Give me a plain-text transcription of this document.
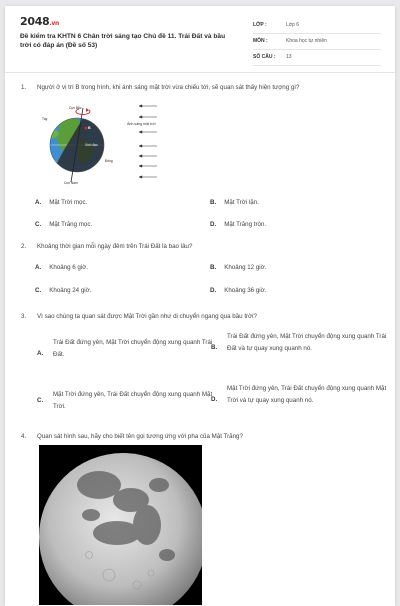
2048.vn
Đề kiểm tra KHTN 6 Chân trời sáng tạo Chủ đề 11. Trái Đất và bầu trời có đáp án (Đề số 53)
LỚP :	Lớp 6
MÔN :	Khoa học tự nhiên
SỐ CÂU : 13
1. Người ở vị trí B trong hình, khi ánh sáng mặt trời vừa chiếu tới, sẽ quan sát thấy hiện tượng gì?
Cực Bắc
Cực Nam
Tây
Đông
Xích đạo
B
Ánh sáng mặt trời
A. Mặt Trời mọc.	B. Mặt Trời lặn.
C. Mặt Trăng mọc.	D. Mặt Trăng tròn.
2. Khoảng thời gian mỗi ngày đêm trên Trái Đất là bao lâu?
A. Khoảng 6 giờ.	B. Khoảng 12 giờ.
C. Khoảng 24 giờ.	D. Khoảng 36 giờ.
3. Vì sao chúng ta quan sát được Mặt Trời gần như di chuyển ngang qua bầu trời?
A.
Trái Đất đứng yên, Mặt Trời chuyển động xung quanh Trái Đất.
B.
Trái Đất đứng yên, Mặt Trời chuyển động xung quanh Trái Đất và tự quay xung quanh nó.
C.
Mặt Trời đứng yên, Trái Đất chuyển động xung quanh Mặt Trời.
D.
Mặt Trời đứng yên, Trái Đất chuyển động xung quanh Mặt Trời và tự quay xung quanh nó.
4. Quan sát hình sau, hãy cho biết tên gọi tương ứng với pha của Mặt Trăng?
